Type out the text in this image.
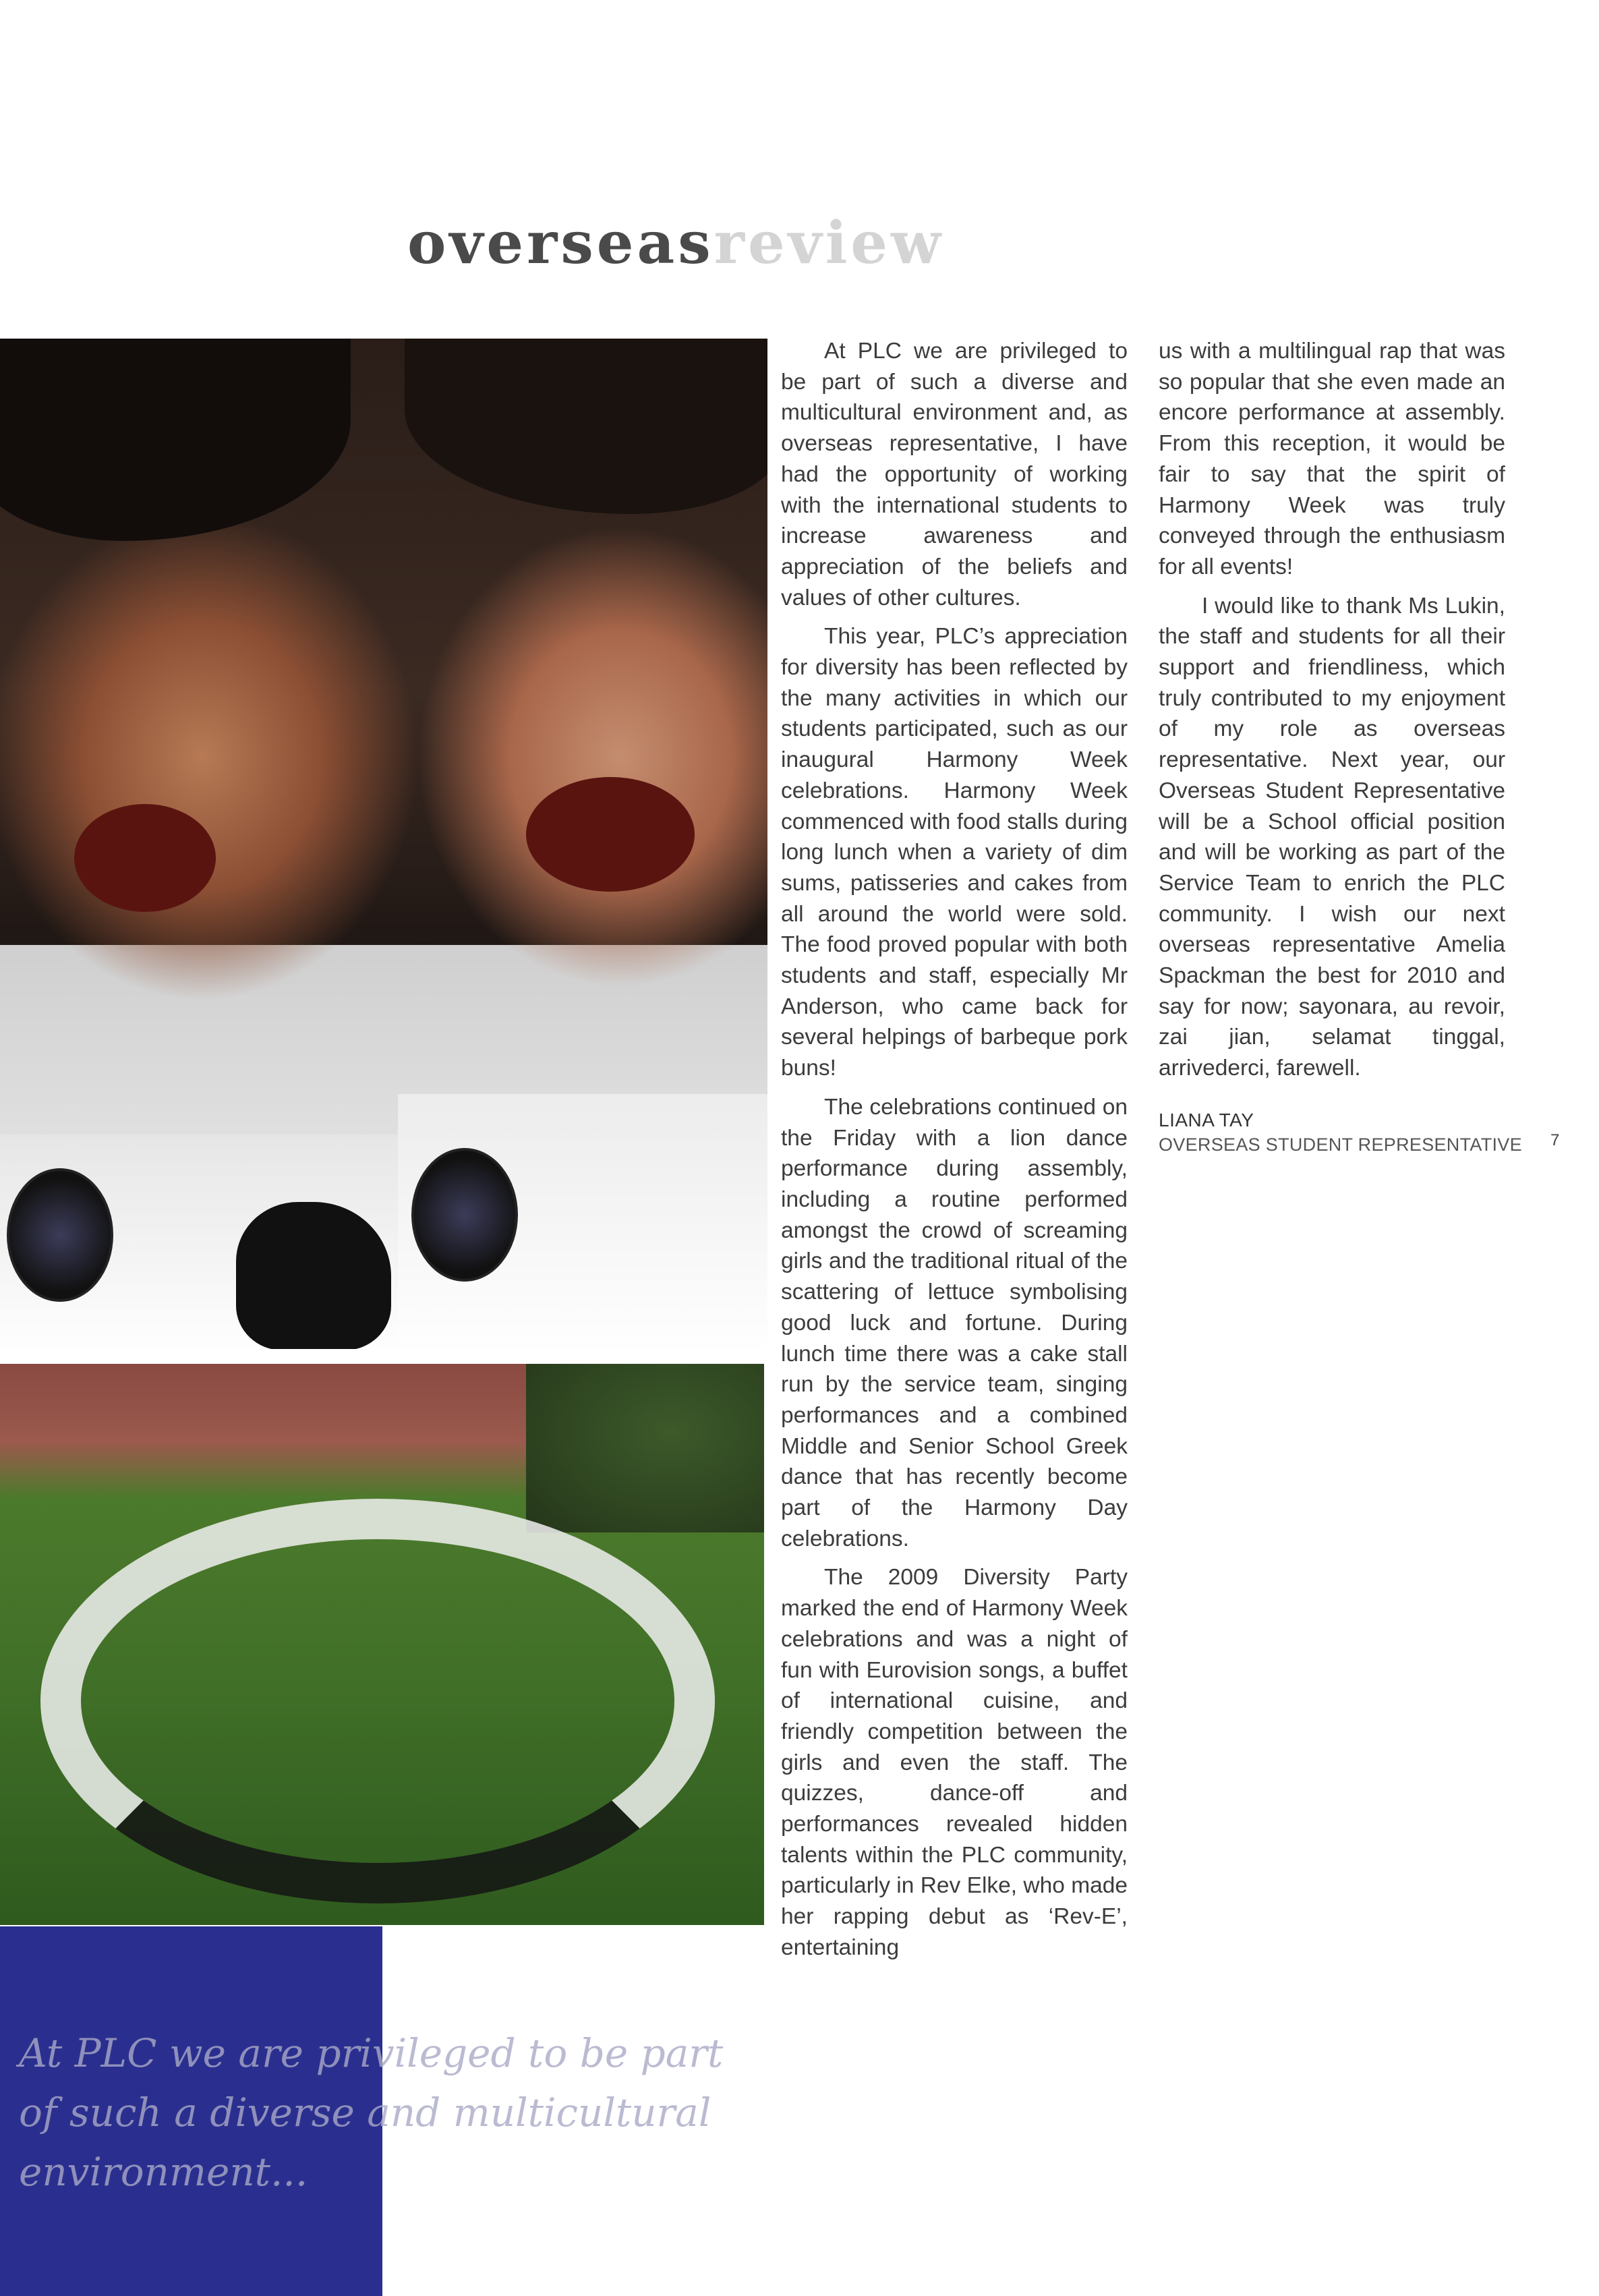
overseasreview

At PLC we are privileged to be part of such a diverse and multicultural environment...

At PLC we are privileged to be part of such a diverse and multicultural environment and, as overseas representative, I have had the opportunity of working with the international students to increase awareness and appreciation of the beliefs and values of other cultures.

This year, PLC’s appreciation for diversity has been reflected by the many activities in which our students participated, such as our inaugural Harmony Week celebrations. Harmony Week commenced with food stalls during long lunch when a variety of dim sums, patisseries and cakes from all around the world were sold. The food proved popular with both students and staff, especially Mr Anderson, who came back for several helpings of barbeque pork buns!

The celebrations continued on the Friday with a lion dance performance during assembly, including a routine performed amongst the crowd of screaming girls and the traditional ritual of the scattering of lettuce symbolising good luck and fortune. During lunch time there was a cake stall run by the service team, singing performances and a combined Middle and Senior School Greek dance that has recently become part of the Harmony Day celebrations.

The 2009 Diversity Party marked the end of Harmony Week celebrations and was a night of fun with Eurovision songs, a buffet of international cuisine, and friendly competition between the girls and even the staff. The quizzes, dance-off and performances revealed hidden talents within the PLC community, particularly in Rev Elke, who made her rapping debut as ‘Rev-E’, entertaining

us with a multilingual rap that was so popular that she even made an encore performance at assembly. From this reception, it would be fair to say that the spirit of Harmony Week was truly conveyed through the enthusiasm for all events!

I would like to thank Ms Lukin, the staff and students for all their support and friendliness, which truly contributed to my enjoyment of my role as overseas representative. Next year, our Overseas Student Representative will be a School official position and will be working as part of the Service Team to enrich the PLC community. I wish our next overseas representative Amelia Spackman the best for 2010 and say for now; sayonara, au revoir, zai jian, selamat tinggal, arrivederci, farewell.

LIANA TAY
OVERSEAS STUDENT REPRESENTATIVE	7
